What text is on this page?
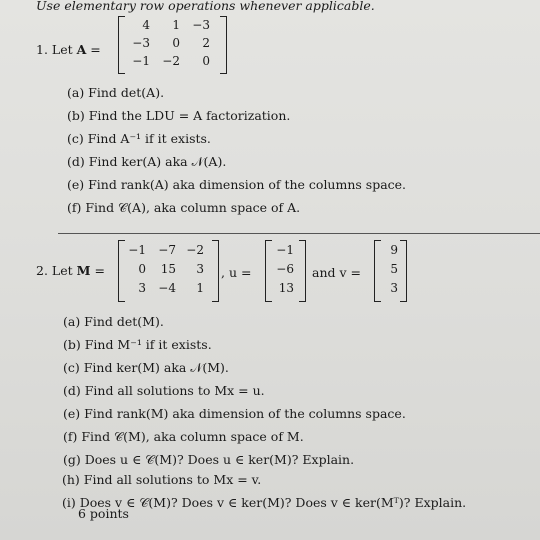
Use elementary row operations whenever applicable.
1. Let A =
2. Let M =	, u =	and v =
6 points
4	1	−3
−3	0	2
−1	−2	0
(a) Find det(A).
(b) Find the LDU = A factorization.
(c) Find A⁻¹ if it exists.
(d) Find ker(A) aka 𝒩(A).
(e) Find rank(A) aka dimension of the columns space.
(f) Find 𝒞(A), aka column space of A.
−1	−7 −2
0	15	3
3	−4	1
−1
−6
13
9
5
3
(a) Find det(M).
(b) Find M⁻¹ if it exists.
(c) Find ker(M) aka 𝒩(M).
(d) Find all solutions to Mx = u.
(e) Find rank(M) aka dimension of the columns space.
(f) Find 𝒞(M), aka column space of M.
(g) Does u ∈ 𝒞(M)? Does u ∈ ker(M)? Explain.
(h) Find all solutions to Mx = v.
(i) Does v ∈ 𝒞(M)? Does v ∈ ker(M)? Does v ∈ ker(Mᵀ)? Explain.
